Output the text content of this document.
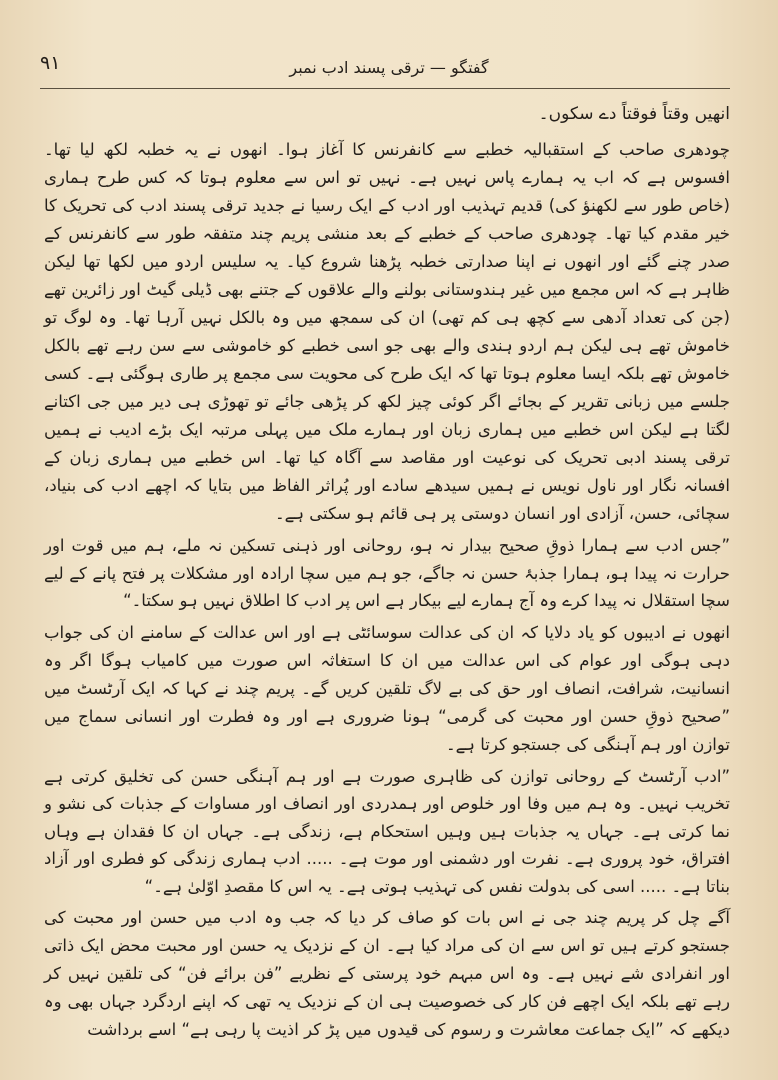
۹۱	گفتگو — ترقی پسند ادب نمبر

انھیں وقتاً فوقتاً دے سکوں۔

چودھری صاحب کے استقبالیہ خطبے سے کانفرنس کا آغاز ہوا۔ انھوں نے یہ خطبہ لکھ لیا تھا۔ افسوس ہے کہ اب یہ ہمارے پاس نہیں ہے۔ نہیں تو اس سے معلوم ہوتا کہ کس طرح ہماری (خاص طور سے لکھنؤ کی) قدیم تہذیب اور ادب کے ایک رسیا نے جدید ترقی پسند ادب کی تحریک کا خیر مقدم کیا تھا۔ چودھری صاحب کے خطبے کے بعد منشی پریم چند متفقہ طور سے کانفرنس کے صدر چنے گئے اور انھوں نے اپنا صدارتی خطبہ پڑھنا شروع کیا۔ یہ سلیس اردو میں لکھا تھا لیکن ظاہر ہے کہ اس مجمع میں غیر ہندوستانی بولنے والے علاقوں کے جتنے بھی ڈیلی گیٹ اور زائرین تھے (جن کی تعداد آدھی سے کچھ ہی کم تھی) ان کی سمجھ میں وہ بالکل نہیں آرہا تھا۔ وہ لوگ تو خاموش تھے ہی لیکن ہم اردو ہندی والے بھی جو اسی خطبے کو خاموشی سے سن رہے تھے بالکل خاموش تھے بلکہ ایسا معلوم ہوتا تھا کہ ایک طرح کی محویت سی مجمع پر طاری ہوگئی ہے۔ کسی جلسے میں زبانی تقریر کے بجائے اگر کوئی چیز لکھ کر پڑھی جائے تو تھوڑی ہی دیر میں جی اکتانے لگتا ہے لیکن اس خطبے میں ہماری زبان اور ہمارے ملک میں پہلی مرتبہ ایک بڑے ادیب نے ہمیں ترقی پسند ادبی تحریک کی نوعیت اور مقاصد سے آگاہ کیا تھا۔ اس خطبے میں ہماری زبان کے افسانہ نگار اور ناول نویس نے ہمیں سیدھے سادے اور پُراثر الفاظ میں بتایا کہ اچھے ادب کی بنیاد، سچائی، حسن، آزادی اور انسان دوستی پر ہی قائم ہو سکتی ہے۔

”جس ادب سے ہمارا ذوقِ صحیح بیدار نہ ہو، روحانی اور ذہنی تسکین نہ ملے، ہم میں قوت اور حرارت نہ پیدا ہو، ہمارا جذبۂ حسن نہ جاگے، جو ہم میں سچا ارادہ اور مشکلات پر فتح پانے کے لیے سچا استقلال نہ پیدا کرے وہ آج ہمارے لیے بیکار ہے اس پر ادب کا اطلاق نہیں ہو سکتا۔“

انھوں نے ادیبوں کو یاد دلایا کہ ان کی عدالت سوسائٹی ہے اور اس عدالت کے سامنے ان کی جواب دہی ہوگی اور عوام کی اس عدالت میں ان کا استغاثہ اس صورت میں کامیاب ہوگا اگر وہ انسانیت، شرافت، انصاف اور حق کی بے لاگ تلقین کریں گے۔ پریم چند نے کہا کہ ایک آرٹسٹ میں ”صحیح ذوقِ حسن اور محبت کی گرمی“ ہونا ضروری ہے اور وہ فطرت اور انسانی سماج میں توازن اور ہم آہنگی کی جستجو کرتا ہے۔

”ادب آرٹسٹ کے روحانی توازن کی ظاہری صورت ہے اور ہم آہنگی حسن کی تخلیق کرتی ہے تخریب نہیں۔ وہ ہم میں وفا اور خلوص اور ہمدردی اور انصاف اور مساوات کے جذبات کی نشو و نما کرتی ہے۔ جہاں یہ جذبات ہیں وہیں استحکام ہے، زندگی ہے۔ جہاں ان کا فقدان ہے وہاں افتراق، خود پروری ہے۔ نفرت اور دشمنی اور موت ہے۔ ..... ادب ہماری زندگی کو فطری اور آزاد بناتا ہے۔ ..... اسی کی بدولت نفس کی تہذیب ہوتی ہے۔ یہ اس کا مقصدِ اوّلیٰ ہے۔“

آگے چل کر پریم چند جی نے اس بات کو صاف کر دیا کہ جب وہ ادب میں حسن اور محبت کی جستجو کرتے ہیں تو اس سے ان کی مراد کیا ہے۔ ان کے نزدیک یہ حسن اور محبت محض ایک ذاتی اور انفرادی شے نہیں ہے۔ وہ اس مبہم خود پرستی کے نظریے ”فن برائے فن“ کی تلقین نہیں کر رہے تھے بلکہ ایک اچھے فن کار کی خصوصیت ہی ان کے نزدیک یہ تھی کہ اپنے اردگرد جہاں بھی وہ دیکھے کہ ”ایک جماعت معاشرت و رسوم کی قیدوں میں پڑ کر اذیت پا رہی ہے“ اسے برداشت
